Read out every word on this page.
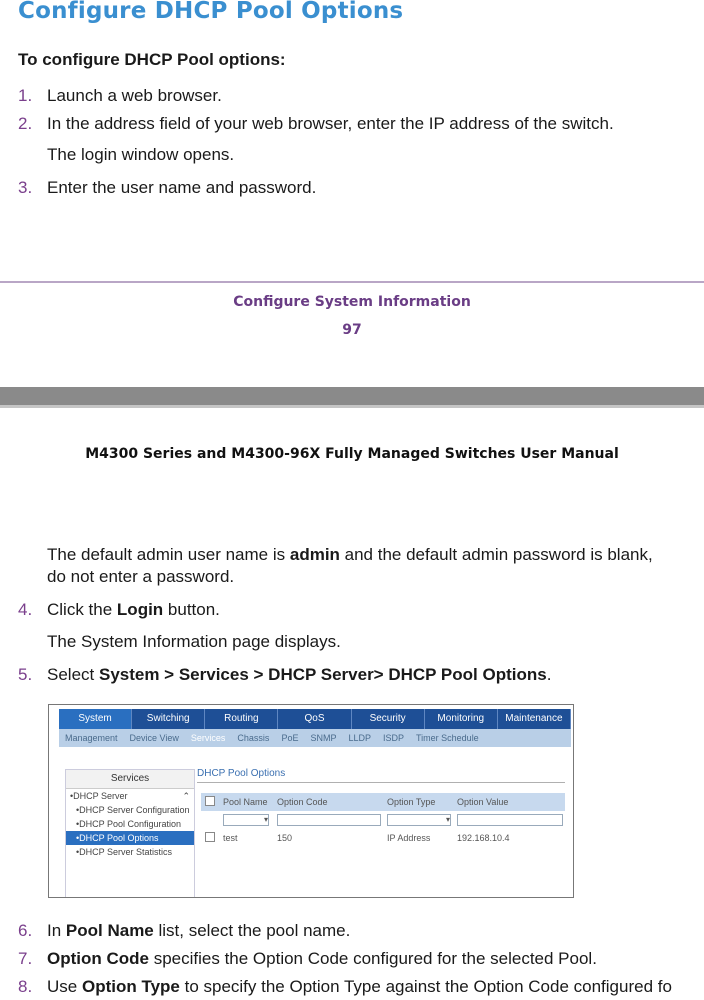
Configure DHCP Pool Options
To configure DHCP Pool options:
1. Launch a web browser.
2. In the address field of your web browser, enter the IP address of the switch.
The login window opens.
3. Enter the user name and password.
Configure System Information
97
M4300 Series and M4300-96X Fully Managed Switches User Manual
The default admin user name is admin and the default admin password is blank,
do not enter a password.
4. Click the Login button.
The System Information page displays.
5. Select System > Services > DHCP Server> DHCP Pool Options.
System	Switching	Routing	QoS	Security	Monitoring	Maintenance
Management	Device View	Services	Chassis	PoE	SNMP	LLDP	ISDP	Timer Schedule
Services
•DHCP Server	⌃
•DHCP Server Configuration
•DHCP Pool Configuration
•DHCP Pool Options
•DHCP Server Statistics
DHCP Pool Options
Pool Name	Option Code	Option Type	Option Value
▾	▾
test	150	IP Address	192.168.10.4
6. In Pool Name list, select the pool name.
7. Option Code specifies the Option Code configured for the selected Pool.
8. Use Option Type to specify the Option Type against the Option Code configured fo
